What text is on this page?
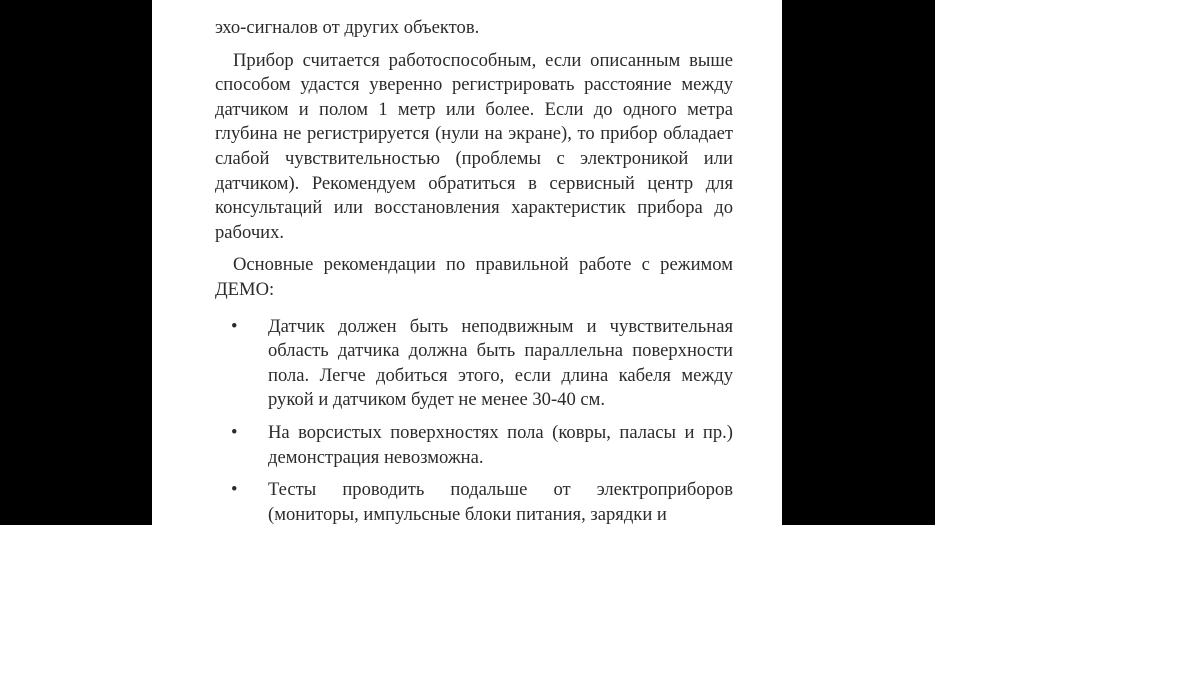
эхо-сигналов от других объектов.

Прибор считается работоспособным, если описанным выше способом удастся уверенно регистрировать расстояние между датчиком и полом 1 метр или более. Если до одного метра глубина не регистрируется (нули на экране), то прибор обладает слабой чувствительностью (проблемы с электроникой или датчиком). Рекомендуем обратиться в сервисный центр для консультаций или восстановления характеристик прибора до рабочих.

Основные рекомендации по правильной работе с режимом ДЕМО:

• Датчик должен быть неподвижным и чувствительная область датчика должна быть параллельна поверхности пола. Легче добиться этого, если длина кабеля между рукой и датчиком будет не менее 30-40 см.
• На ворсистых поверхностях пола (ковры, паласы и пр.) демонстрация невозможна.
• Тесты проводить подальше от электроприборов (мониторы, импульсные блоки питания, зарядки и
